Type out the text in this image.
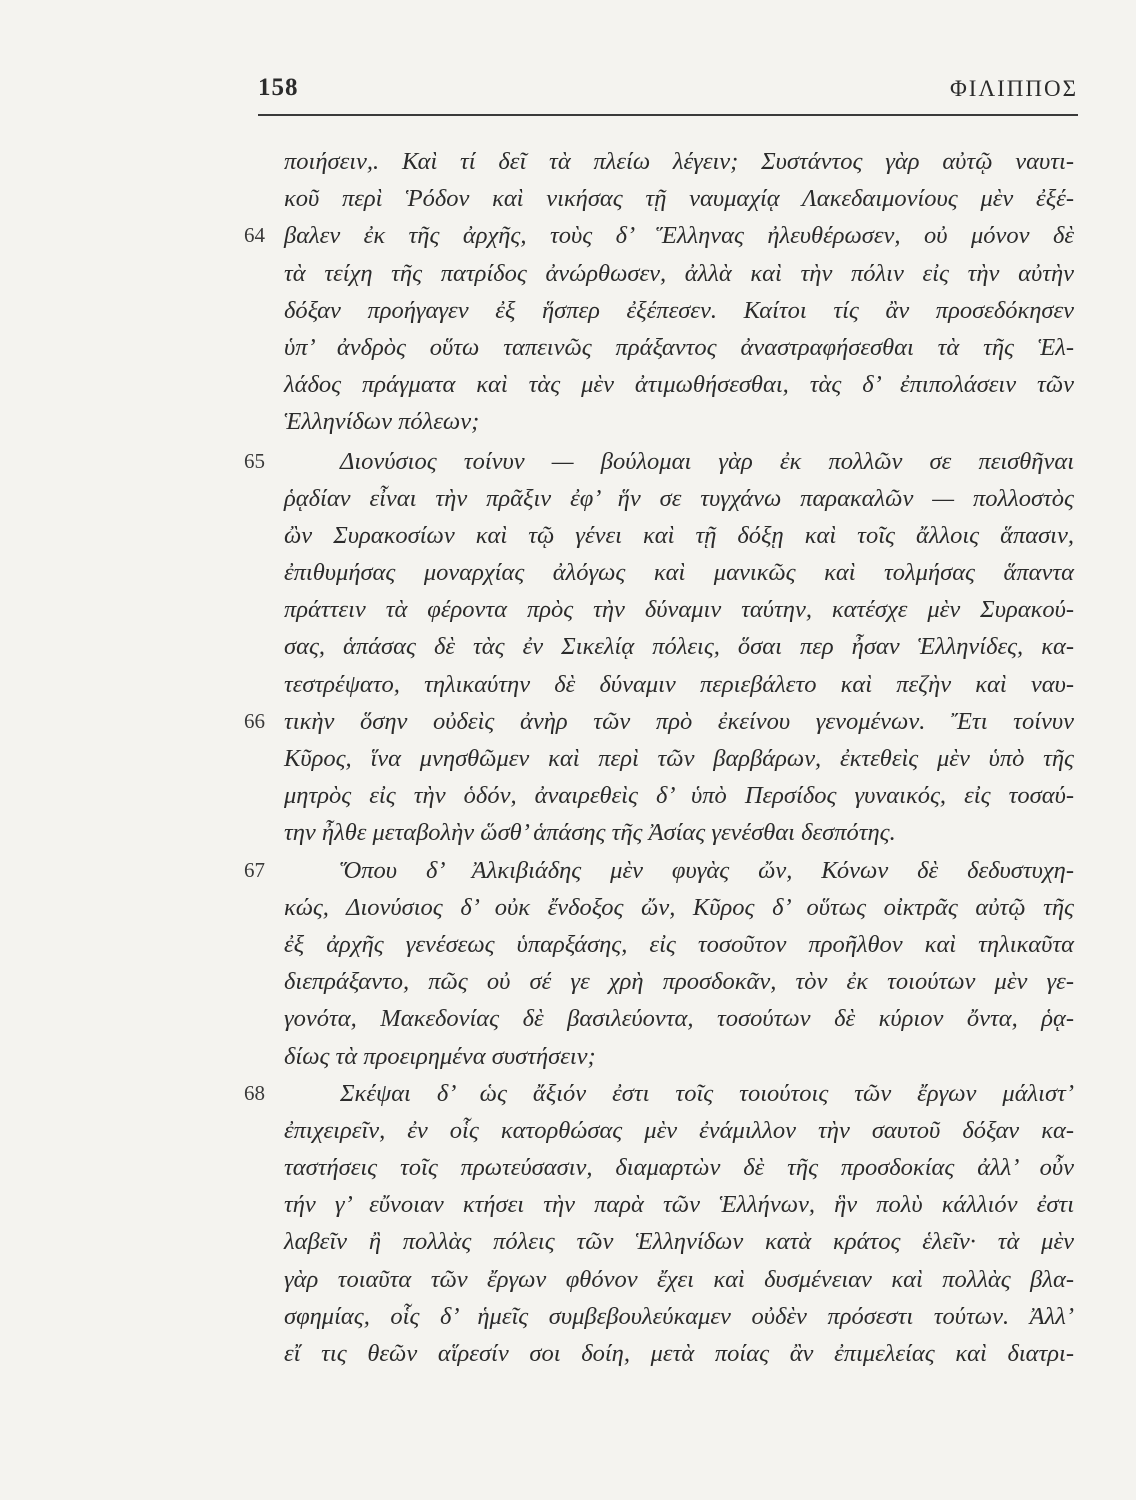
158	ΦΙΛΙΠΠΟΣ
ποιήσειν,. Καὶ τί δεῖ τὰ πλείω λέγειν; Συστάντος γὰρ αὐτῷ ναυτι-
κοῦ περὶ Ῥόδον καὶ νικήσας τῇ ναυμαχίᾳ Λακεδαιμονίους μὲν ἐξέ-
64 βαλεν ἐκ τῆς ἀρχῆς, τοὺς δ’ Ἕλληνας ἠλευθέρωσεν, οὐ μόνον δὲ
τὰ τείχη τῆς πατρίδος ἀνώρθωσεν, ἀλλὰ καὶ τὴν πόλιν εἰς τὴν αὐτὴν
δόξαν προήγαγεν ἐξ ἥσπερ ἐξέπεσεν. Καίτοι τίς ἂν προσεδόκησεν
ὑπ’ ἀνδρὸς οὕτω ταπεινῶς πράξαντος ἀναστραφήσεσθαι τὰ τῆς Ἑλ-
λάδος πράγματα καὶ τὰς μὲν ἀτιμωθήσεσθαι, τὰς δ’ ἐπιπολάσειν τῶν
Ἑλληνίδων πόλεων;
65	Διονύσιος τοίνυν — βούλομαι γὰρ ἐκ πολλῶν σε πεισθῆναι
ῥᾳδίαν εἶναι τὴν πρᾶξιν ἐφ’ ἥν σε τυγχάνω παρακαλῶν — πολλοστὸς
ὢν Συρακοσίων καὶ τῷ γένει καὶ τῇ δόξῃ καὶ τοῖς ἄλλοις ἅπασιν,
ἐπιθυμήσας μοναρχίας ἀλόγως καὶ μανικῶς καὶ τολμήσας ἅπαντα
πράττειν τὰ φέροντα πρὸς τὴν δύναμιν ταύτην, κατέσχε μὲν Συρακού-
σας, ἁπάσας δὲ τὰς ἐν Σικελίᾳ πόλεις, ὅσαι περ ἦσαν Ἑλληνίδες, κα-
τεστρέψατο, τηλικαύτην δὲ δύναμιν περιεβάλετο καὶ πεζὴν καὶ ναυ-
66 τικὴν ὅσην οὐδεὶς ἀνὴρ τῶν πρὸ ἐκείνου γενομένων. Ἔτι τοίνυν
Κῦρος, ἵνα μνησθῶμεν καὶ περὶ τῶν βαρβάρων, ἐκτεθεὶς μὲν ὑπὸ τῆς
μητρὸς εἰς τὴν ὁδόν, ἀναιρεθεὶς δ’ ὑπὸ Περσίδος γυναικός, εἰς τοσαύ-
την ἦλθε μεταβολὴν ὥσθ’ ἁπάσης τῆς Ἀσίας γενέσθαι δεσπότης.
67	Ὅπου δ’ Ἀλκιβιάδης μὲν φυγὰς ὤν, Κόνων δὲ δεδυστυχη-
κώς, Διονύσιος δ’ οὐκ ἔνδοξος ὤν, Κῦρος δ’ οὕτως οἰκτρᾶς αὐτῷ τῆς
ἐξ ἀρχῆς γενέσεως ὑπαρξάσης, εἰς τοσοῦτον προῆλθον καὶ τηλικαῦτα
διεπράξαντο, πῶς οὐ σέ γε χρὴ προσδοκᾶν, τὸν ἐκ τοιούτων μὲν γε-
γονότα, Μακεδονίας δὲ βασιλεύοντα, τοσούτων δὲ κύριον ὄντα, ῥᾳ-
δίως τὰ προειρημένα συστήσειν;
68	Σκέψαι δ’ ὡς ἄξιόν ἐστι τοῖς τοιούτοις τῶν ἔργων μάλιστ’
ἐπιχειρεῖν, ἐν οἷς κατορθώσας μὲν ἐνάμιλλον τὴν σαυτοῦ δόξαν κα-
ταστήσεις τοῖς πρωτεύσασιν, διαμαρτὼν δὲ τῆς προσδοκίας ἀλλ’ οὖν
τήν γ’ εὔνοιαν κτήσει τὴν παρὰ τῶν Ἑλλήνων, ἣν πολὺ κάλλιόν ἐστι
λαβεῖν ἢ πολλὰς πόλεις τῶν Ἑλληνίδων κατὰ κράτος ἑλεῖν· τὰ μὲν
γὰρ τοιαῦτα τῶν ἔργων φθόνον ἔχει καὶ δυσμένειαν καὶ πολλὰς βλα-
σφημίας, οἷς δ’ ἡμεῖς συμβεβουλεύκαμεν οὐδὲν πρόσεστι τούτων. Ἀλλ’
εἴ τις θεῶν αἵρεσίν σοι δοίη, μετὰ ποίας ἂν ἐπιμελείας καὶ διατρι-
